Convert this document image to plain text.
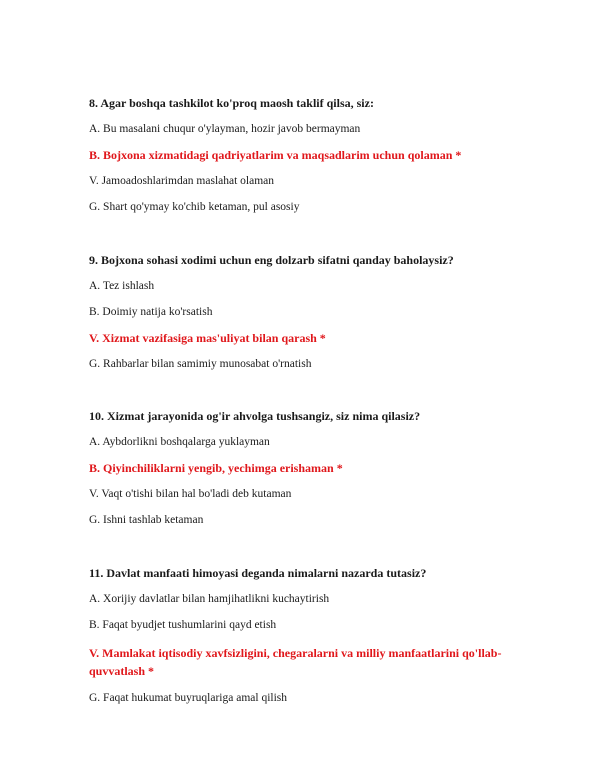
8. Agar boshqa tashkilot ko'proq maosh taklif qilsa, siz:

A. Bu masalani chuqur o'ylayman, hozir javob bermayman

B. Bojxona xizmatidagi qadriyatlarim va maqsadlarim uchun qolaman *

V. Jamoadoshlarimdan maslahat olaman

G. Shart qo'ymay ko'chib ketaman, pul asosiy

9. Bojxona sohasi xodimi uchun eng dolzarb sifatni qanday baholaysiz?

A. Tez ishlash

B. Doimiy natija ko'rsatish

V. Xizmat vazifasiga mas'uliyat bilan qarash *

G. Rahbarlar bilan samimiy munosabat o'rnatish

10. Xizmat jarayonida og'ir ahvolga tushsangiz, siz nima qilasiz?

A. Aybdorlikni boshqalarga yuklayman

B. Qiyinchiliklarni yengib, yechimga erishaman *

V. Vaqt o'tishi bilan hal bo'ladi deb kutaman

G. Ishni tashlab ketaman

11. Davlat manfaati himoyasi deganda nimalarni nazarda tutasiz?

A. Xorijiy davlatlar bilan hamjihatlikni kuchaytirish

B. Faqat byudjet tushumlarini qayd etish

V. Mamlakat iqtisodiy xavfsizligini, chegaralarni va milliy manfaatlarini qo'llab-quvvatlash *

G. Faqat hukumat buyruqlariga amal qilish
